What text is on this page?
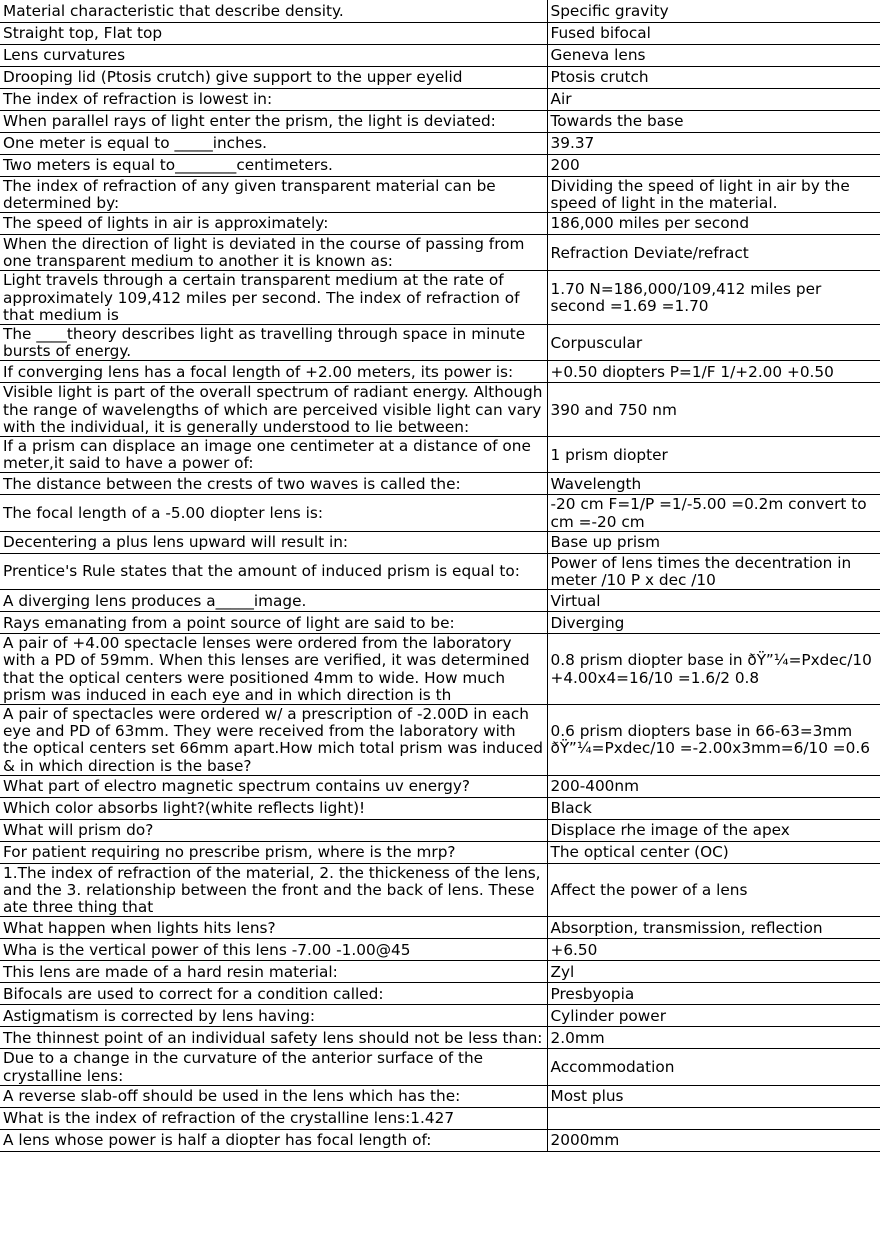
Material characteristic that describe density.	Specific gravity
Straight top, Flat top	Fused bifocal
Lens curvatures	Geneva lens
Drooping lid (Ptosis crutch) give support to the upper eyelid	Ptosis crutch
The index of refraction is lowest in:	Air
When parallel rays of light enter the prism, the light is deviated:	Towards the base
One meter is equal to _____inches.	39.37
Two meters is equal to________centimeters.	200
The index of refraction of any given transparent material can be determined by:	Dividing the speed of light in air by the speed of light in the material.
The speed of lights in air is approximately:	186,000 miles per second
When the direction of light is deviated in the course of passing from one transparent medium to another it is known as:	Refraction Deviate/refract
Light travels through a certain transparent medium at the rate of approximately 109,412 miles per second. The index of refraction of that medium is	1.70 N=186,000/109,412 miles per second =1.69 =1.70
The ____theory describes light as travelling through space in minute bursts of energy.	Corpuscular
If converging lens has a focal length of +2.00 meters, its power is:	+0.50 diopters P=1/F 1/+2.00 +0.50
Visible light is part of the overall spectrum of radiant energy. Although the range of wavelengths of which are perceived visible light can vary with the individual, it is generally understood to lie between:	390 and 750 nm
If a prism can displace an image one centimeter at a distance of one meter,it said to have a power of:	1 prism diopter
The distance between the crests of two waves is called the:	Wavelength
The focal length of a -5.00 diopter lens is:	-20 cm F=1/P =1/-5.00 =0.2m convert to cm =-20 cm
Decentering a plus lens upward will result in:	Base up prism
Prentice's Rule states that the amount of induced prism is equal to:	Power of lens times the decentration in meter /10 P x dec /10
A diverging lens produces a_____image.	Virtual
Rays emanating from a point source of light are said to be:	Diverging
A pair of +4.00 spectacle lenses were ordered from the laboratory with a PD of 59mm. When this lenses are verified, it was determined that the optical centers were positioned 4mm to wide. How much prism was induced in each eye and in which direction is th	0.8 prism diopter base in ðŸ”¼=Pxdec/10 +4.00x4=16/10 =1.6/2 0.8
A pair of spectacles were ordered w/ a prescription of -2.00D in each eye and PD of 63mm. They were received from the laboratory with the optical centers set 66mm apart.How mich total prism was induced & in which direction is the base?	0.6 prism diopters base in 66-63=3mm ðŸ”¼=Pxdec/10 =-2.00x3mm=6/10 =0.6
What part of electro magnetic spectrum contains uv energy?	200-400nm
Which color absorbs light?(white reflects light)!	Black
What will prism do?	Displace rhe image of the apex
For patient requiring no prescribe prism, where is the mrp?	The optical center (OC)
1.The index of refraction of the material, 2. the thickeness of the lens, and the 3. relationship between the front and the back of lens. These ate three thing that	Affect the power of a lens
What happen when lights hits lens?	Absorption, transmission, reflection
Wha is the vertical power of this lens -7.00 -1.00@45	+6.50
This lens are made of a hard resin material:	Zyl
Bifocals are used to correct for a condition called:	Presbyopia
Astigmatism is corrected by lens having:	Cylinder power
The thinnest point of an individual safety lens should not be less than:	2.0mm
Due to a change in the curvature of the anterior surface of the crystalline lens:	Accommodation
A reverse slab-off should be used in the lens which has the:	Most plus
What is the index of refraction of the crystalline lens:1.427	
A lens whose power is half a diopter has focal length of:	2000mm
